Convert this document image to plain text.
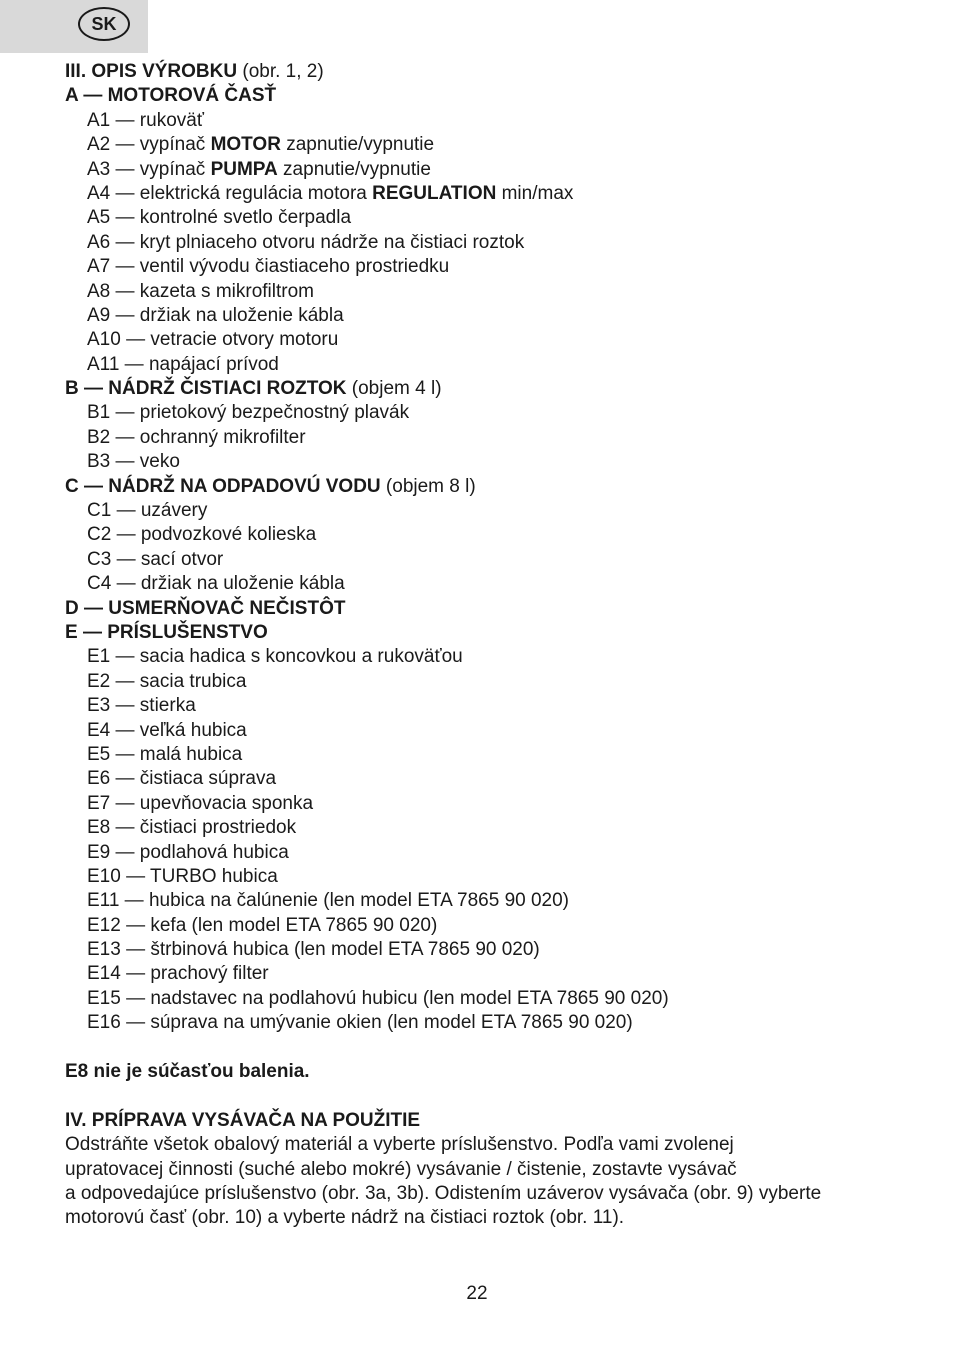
SK
III. OPIS VÝROBKU (obr. 1, 2)
A — MOTOROVÁ ČASŤ
A1 — rukoväť
A2 — vypínač MOTOR zapnutie/vypnutie
A3 — vypínač PUMPA zapnutie/vypnutie
A4 — elektrická regulácia motora REGULATION min/max
A5 — kontrolné svetlo čerpadla
A6 — kryt plniaceho otvoru nádrže na čistiaci roztok
A7 — ventil vývodu čiastiaceho prostriedku
A8 — kazeta s mikrofiltrom
A9 — držiak na uloženie kábla
A10 — vetracie otvory motoru
A11 — napájací prívod
B — NÁDRŽ ČISTIACI ROZTOK (objem 4 l)
B1 — prietokový bezpečnostný plavák
B2 — ochranný mikrofilter
B3 — veko
C — NÁDRŽ NA ODPADOVÚ VODU (objem 8 l)
C1 — uzávery
C2 — podvozkové kolieska
C3 — sací otvor
C4 — držiak na uloženie kábla
D — USMERŇOVAČ NEČISTÔT
E — PRÍSLUŠENSTVO
E1 — sacia hadica s koncovkou a rukoväťou
E2 — sacia trubica
E3 — stierka
E4 — veľká hubica
E5 — malá hubica
E6 — čistiaca súprava
E7 — upevňovacia sponka
E8 — čistiaci prostriedok
E9 — podlahová hubica
E10 — TURBO hubica
E11 — hubica na čalúnenie (len model ETA 7865 90 020)
E12 — kefa (len model ETA 7865 90 020)
E13 — štrbinová hubica (len model ETA 7865 90 020)
E14 — prachový filter
E15 — nadstavec na podlahovú hubicu (len model ETA 7865 90 020)
E16 — súprava na umývanie okien (len model ETA 7865 90 020)
E8 nie je súčasťou balenia.
IV. PRÍPRAVA VYSÁVAČA NA POUŽITIE
Odstráňte všetok obalový materiál a vyberte príslušenstvo. Podľa vami zvolenej
upratovacej činnosti (suché alebo mokré) vysávanie / čistenie, zostavte vysávač
a odpovedajúce príslušenstvo (obr. 3a, 3b). Odistením uzáverov vysávača (obr. 9) vyberte
motorovú časť (obr. 10) a vyberte nádrž na čistiaci roztok (obr. 11).
22
